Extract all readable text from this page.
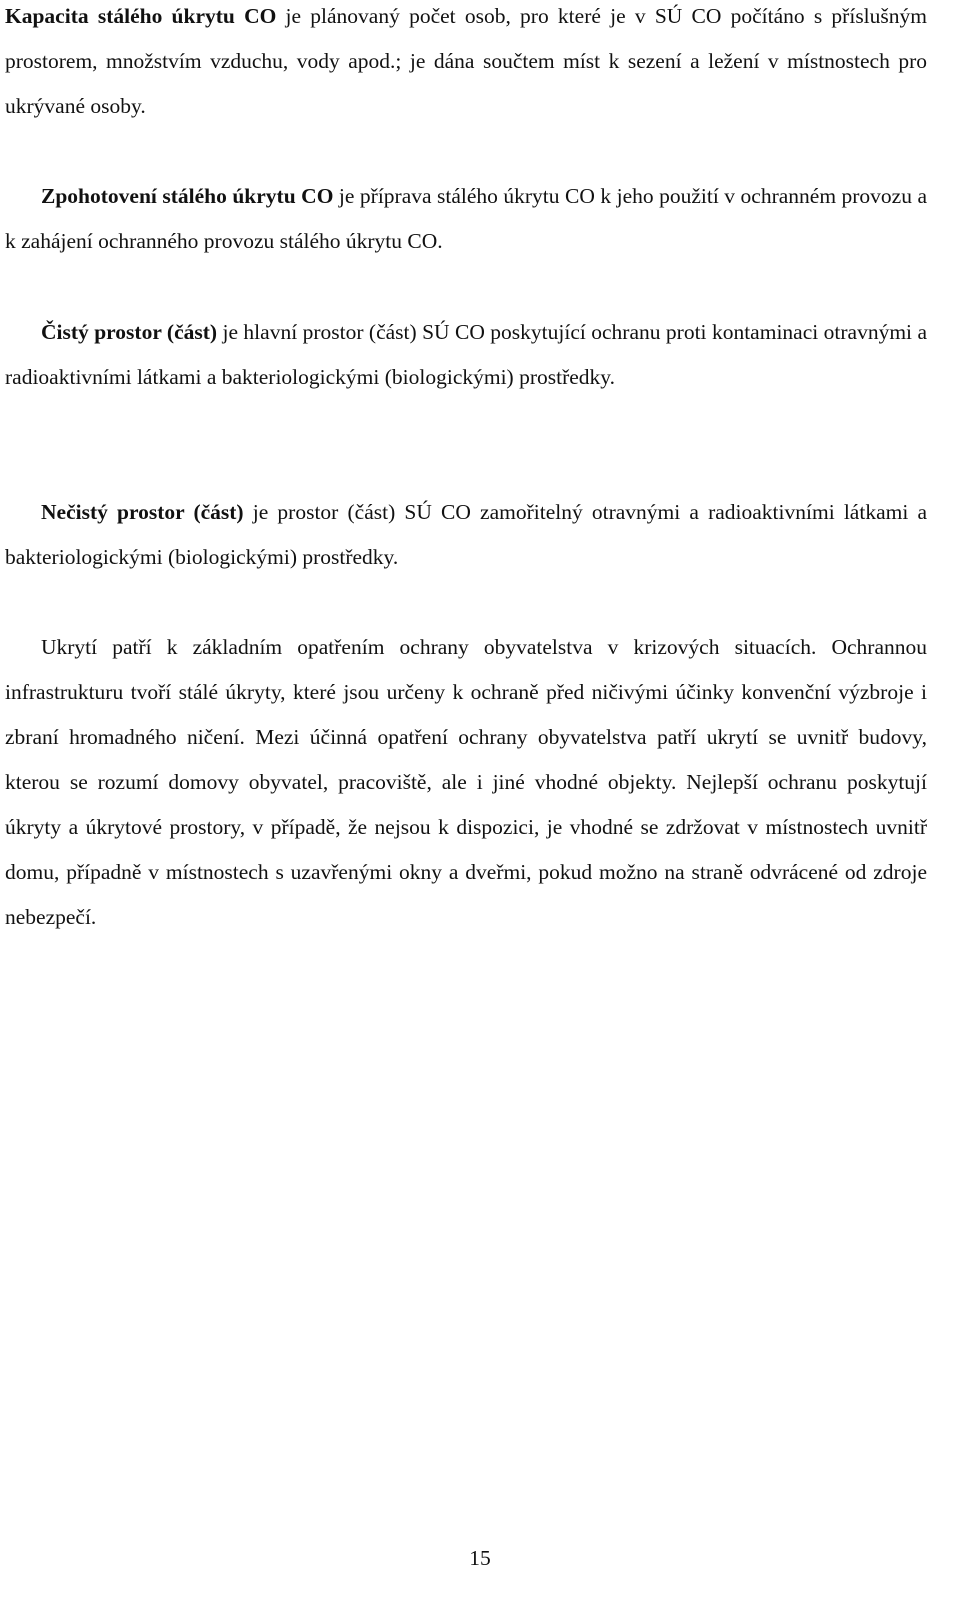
Kapacita stálého úkrytu CO je plánovaný počet osob, pro které je v SÚ CO počítáno s příslušným prostorem, množstvím vzduchu, vody apod.; je dána součtem míst k sezení a ležení v místnostech pro ukrývané osoby.

Zpohotovení stálého úkrytu CO je příprava stálého úkrytu CO k jeho použití v ochranném provozu a k zahájení ochranného provozu stálého úkrytu CO.

Čistý prostor (část) je hlavní prostor (část) SÚ CO poskytující ochranu proti kontaminaci otravnými a radioaktivními látkami a bakteriologickými (biologickými) prostředky.

Nečistý prostor (část) je prostor (část) SÚ CO zamořitelný otravnými a radioaktivními látkami a bakteriologickými (biologickými) prostředky.

Ukrytí patří k základním opatřením ochrany obyvatelstva v krizových situacích. Ochrannou infrastrukturu tvoří stálé úkryty, které jsou určeny k ochraně před ničivými účinky konvenční výzbroje i zbraní hromadného ničení. Mezi účinná opatření ochrany obyvatelstva patří ukrytí se uvnitř budovy, kterou se rozumí domovy obyvatel, pracoviště, ale i jiné vhodné objekty. Nejlepší ochranu poskytují úkryty a úkrytové prostory, v případě, že nejsou k dispozici, je vhodné se zdržovat v místnostech uvnitř domu, případně v místnostech s uzavřenými okny a dveřmi, pokud možno na straně odvrácené od zdroje nebezpečí.

15
